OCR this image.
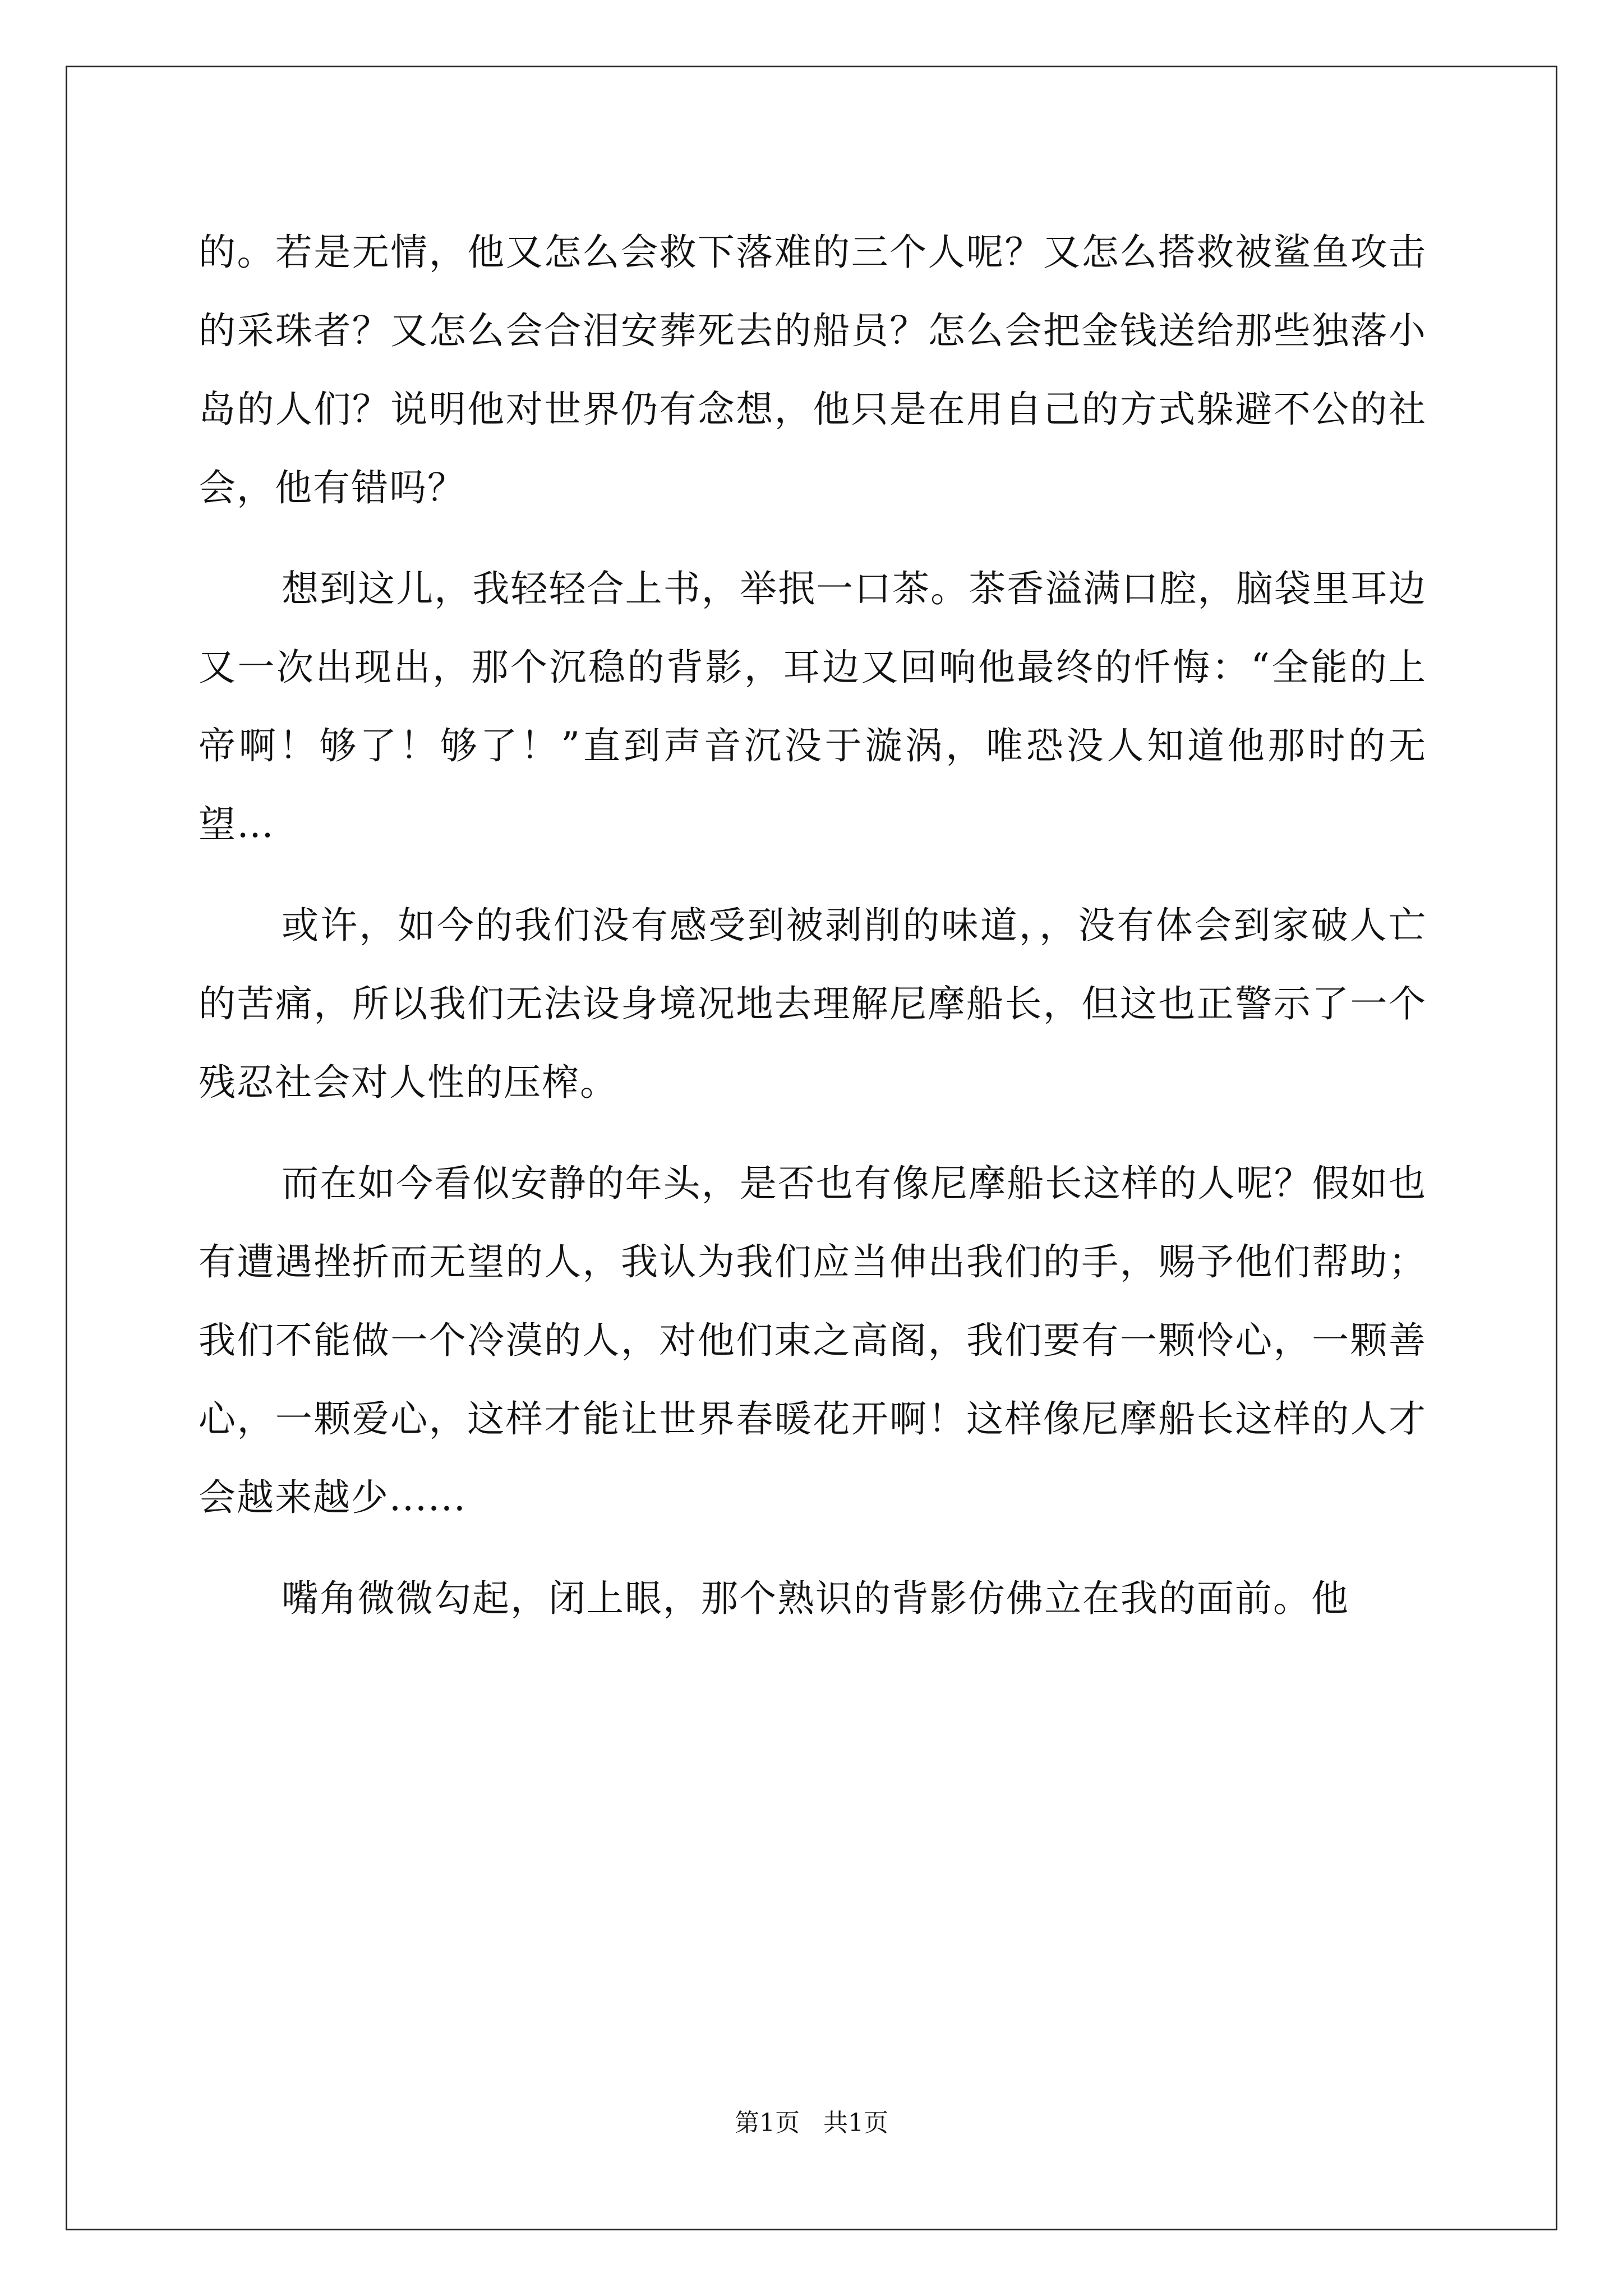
的。若是无情，他又怎么会救下落难的三个人呢？又怎么搭救被鲨鱼攻击的采珠者？又怎么会合泪安葬死去的船员？怎么会把金钱送给那些独落小岛的人们？说明他对世界仍有念想，他只是在用自己的方式躲避不公的社会，他有错吗？

想到这儿，我轻轻合上书，举抿一口茶。茶香溢满口腔，脑袋里耳边又一次出现出，那个沉稳的背影，耳边又回响他最终的忏悔：“全能的上帝啊！够了！够了！”直到声音沉没于漩涡，唯恐没人知道他那时的无望…

或许，如今的我们没有感受到被剥削的味道，，没有体会到家破人亡的苦痛，所以我们无法设身境况地去理解尼摩船长，但这也正警示了一个残忍社会对人性的压榨。

而在如今看似安静的年头，是否也有像尼摩船长这样的人呢？假如也有遭遇挫折而无望的人，我认为我们应当伸出我们的手，赐予他们帮助；我们不能做一个冷漠的人，对他们束之高阁，我们要有一颗怜心，一颗善心，一颗爱心，这样才能让世界春暖花开啊！这样像尼摩船长这样的人才会越来越少......

嘴角微微勾起，闭上眼，那个熟识的背影仿佛立在我的面前。他

第1页   共1页
